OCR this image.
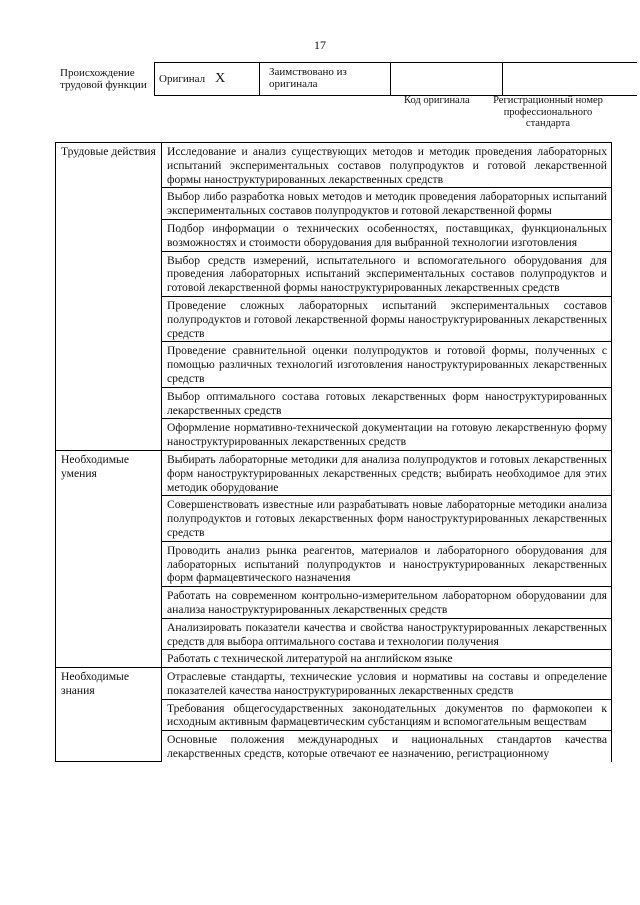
17
Происхождение трудовой функции	Оригинал X	Заимствовано из оригинала
Код оригинала	Регистрационный номер профессионального стандарта
Трудовые действия	Исследование и анализ существующих методов и методик проведения лабораторных испытаний экспериментальных составов полупродуктов и готовой лекарственной формы наноструктурированных лекарственных средств
	Выбор либо разработка новых методов и методик проведения лабораторных испытаний экспериментальных составов полупродуктов и готовой лекарственной формы
	Подбор информации о технических особенностях, поставщиках, функциональных возможностях и стоимости оборудования для выбранной технологии изготовления
	Выбор средств измерений, испытательного и вспомогательного оборудования для проведения лабораторных испытаний экспериментальных составов полупродуктов и готовой лекарственной формы наноструктурированных лекарственных средств
	Проведение сложных лабораторных испытаний экспериментальных составов полупродуктов и готовой лекарственной формы наноструктурированных лекарственных средств
	Проведение сравнительной оценки полупродуктов и готовой формы, полученных с помощью различных технологий изготовления наноструктурированных лекарственных средств
	Выбор оптимального состава готовых лекарственных форм наноструктурированных лекарственных средств
	Оформление нормативно-технической документации на готовую лекарственную форму наноструктурированных лекарственных средств
Необходимые умения	Выбирать лабораторные методики для анализа полупродуктов и готовых лекарственных форм наноструктурированных лекарственных средств; выбирать необходимое для этих методик оборудование
	Совершенствовать известные или разрабатывать новые лабораторные методики анализа полупродуктов и готовых лекарственных форм наноструктурированных лекарственных средств
	Проводить анализ рынка реагентов, материалов и лабораторного оборудования для лабораторных испытаний полупродуктов и наноструктурированных лекарственных форм фармацевтического назначения
	Работать на современном контрольно-измерительном лабораторном оборудовании для анализа наноструктурированных лекарственных средств
	Анализировать показатели качества и свойства наноструктурированных лекарственных средств для выбора оптимального состава и технологии получения
	Работать с технической литературой на английском языке
Необходимые знания	Отраслевые стандарты, технические условия и нормативы на составы и определение показателей качества наноструктурированных лекарственных средств
	Требования общегосударственных законодательных документов по фармокопеи к исходным активным фармацевтическим субстанциям и вспомогательным веществам
	Основные положения международных и национальных стандартов качества лекарственных средств, которые отвечают ее назначению, регистрационному
